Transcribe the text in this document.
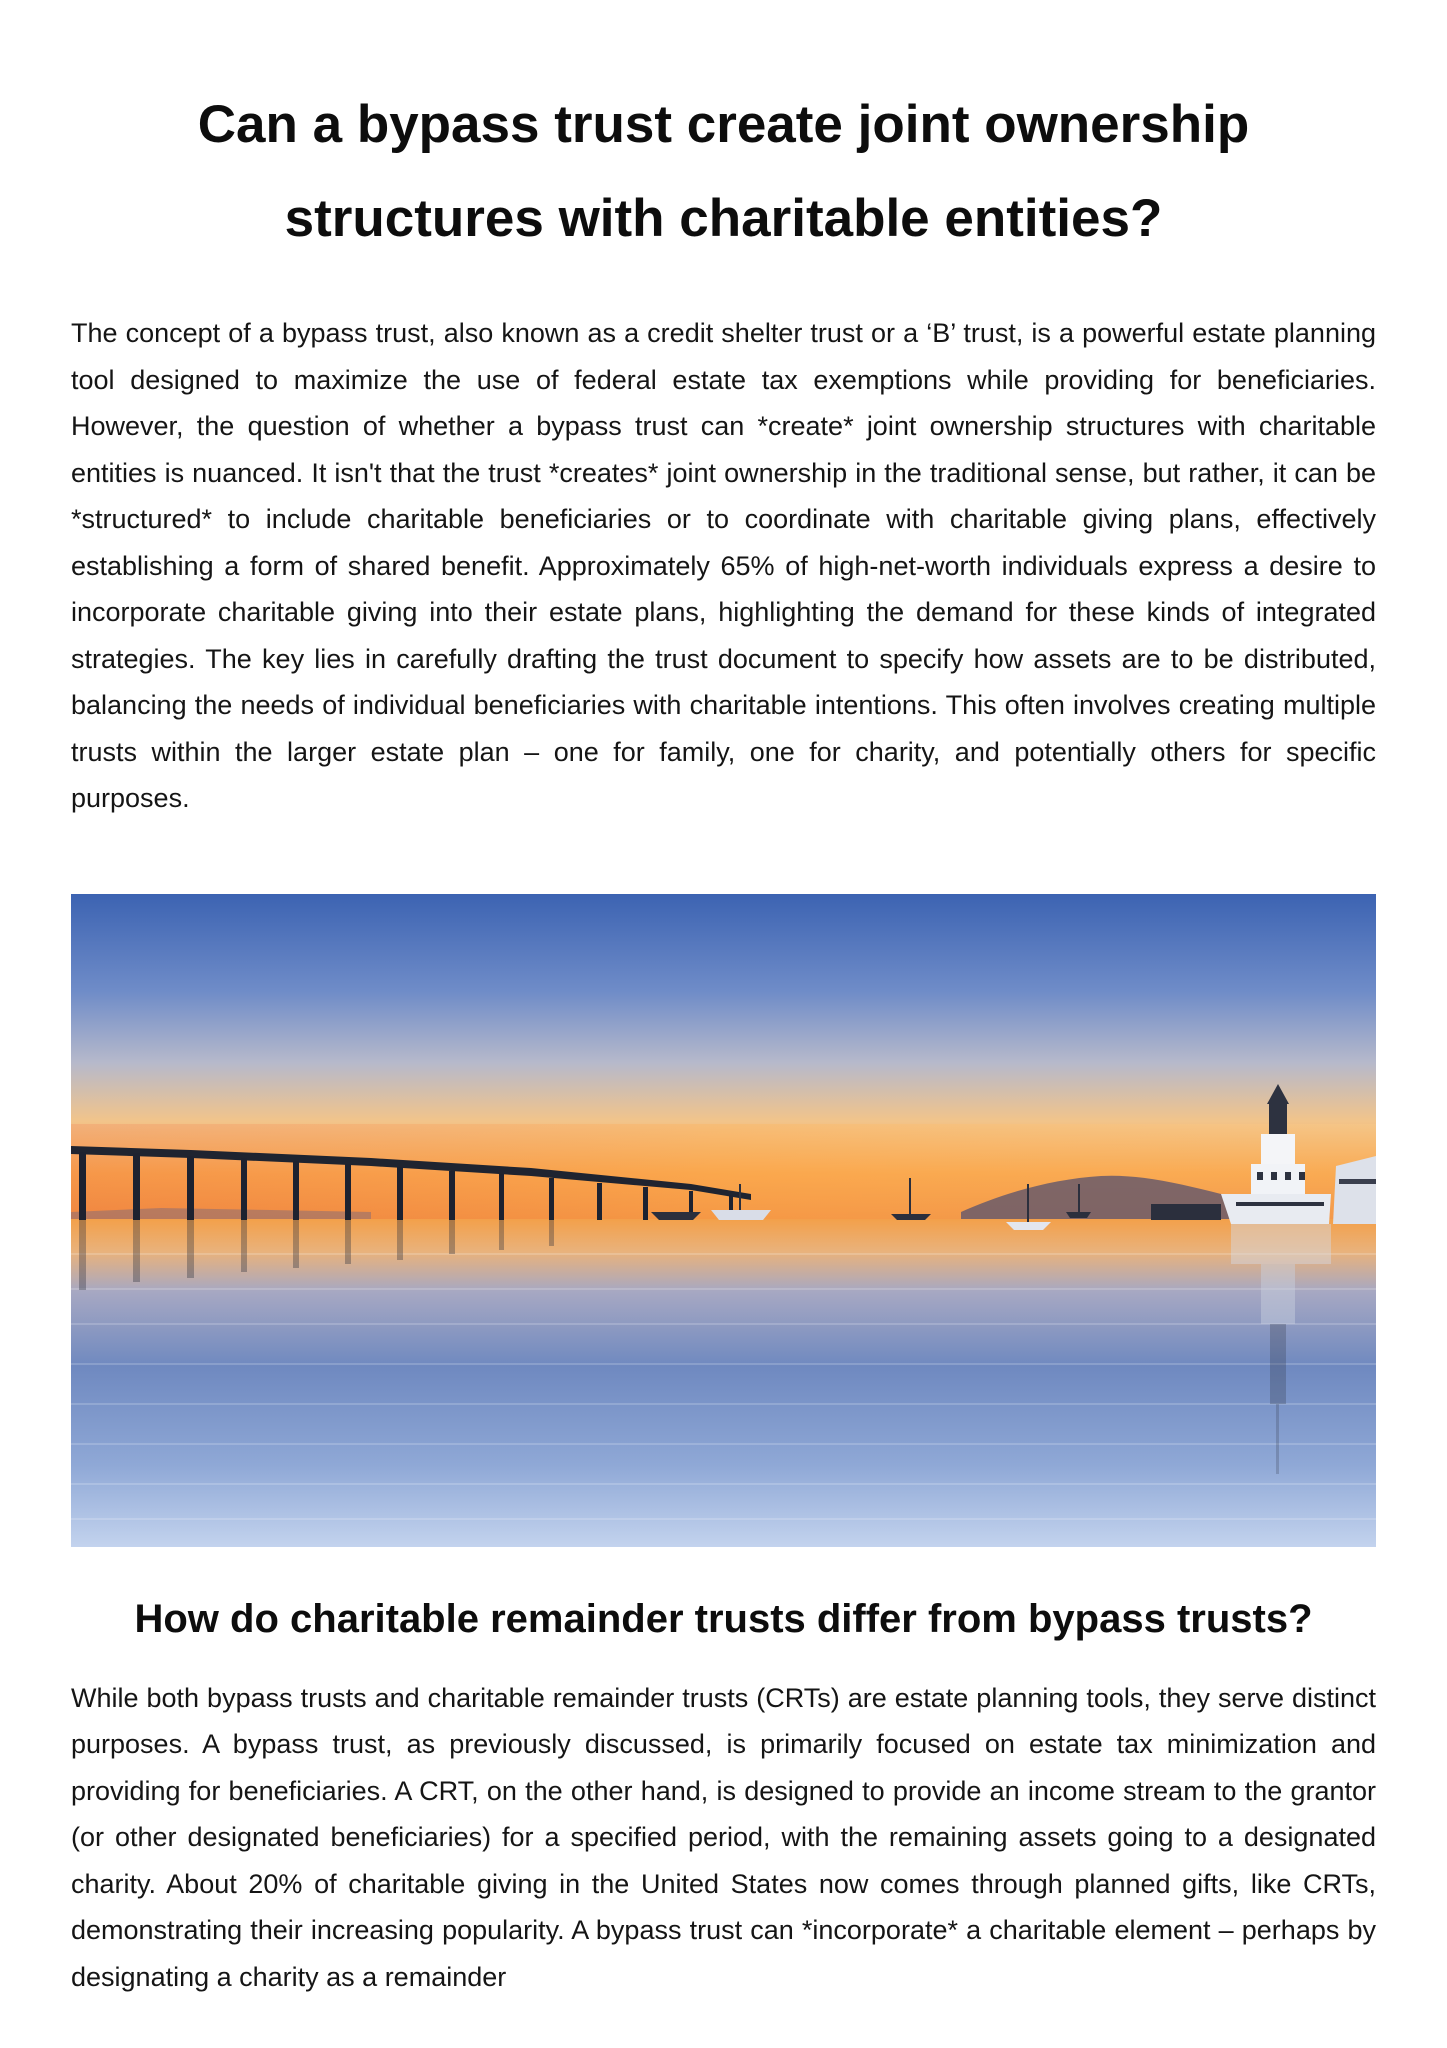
Can a bypass trust create joint ownership structures with charitable entities?

The concept of a bypass trust, also known as a credit shelter trust or a ‘B’ trust, is a powerful estate planning tool designed to maximize the use of federal estate tax exemptions while providing for beneficiaries. However, the question of whether a bypass trust can *create* joint ownership structures with charitable entities is nuanced. It isn't that the trust *creates* joint ownership in the traditional sense, but rather, it can be *structured* to include charitable beneficiaries or to coordinate with charitable giving plans, effectively establishing a form of shared benefit. Approximately 65% of high-net-worth individuals express a desire to incorporate charitable giving into their estate plans, highlighting the demand for these kinds of integrated strategies. The key lies in carefully drafting the trust document to specify how assets are to be distributed, balancing the needs of individual beneficiaries with charitable intentions. This often involves creating multiple trusts within the larger estate plan – one for family, one for charity, and potentially others for specific purposes.

How do charitable remainder trusts differ from bypass trusts?

While both bypass trusts and charitable remainder trusts (CRTs) are estate planning tools, they serve distinct purposes. A bypass trust, as previously discussed, is primarily focused on estate tax minimization and providing for beneficiaries. A CRT, on the other hand, is designed to provide an income stream to the grantor (or other designated beneficiaries) for a specified period, with the remaining assets going to a designated charity. About 20% of charitable giving in the United States now comes through planned gifts, like CRTs, demonstrating their increasing popularity. A bypass trust can *incorporate* a charitable element – perhaps by designating a charity as a remainder
